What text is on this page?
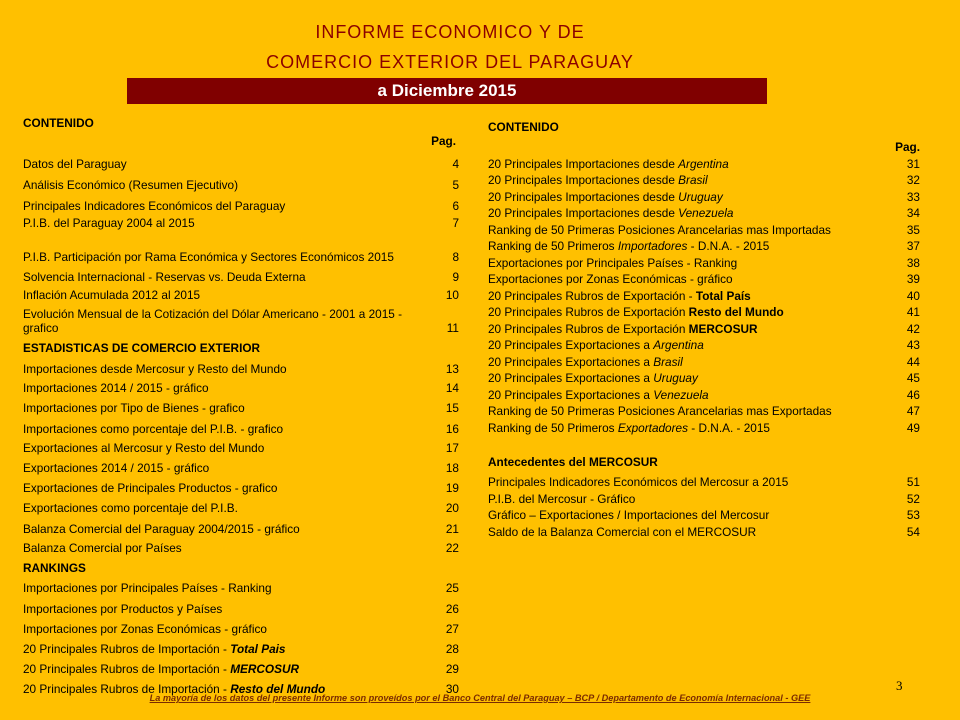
INFORME ECONOMICO Y DE
COMERCIO EXTERIOR DEL PARAGUAY
a Diciembre 2015
CONTENIDO
Pag.
Datos del Paraguay	4
Análisis Económico (Resumen Ejecutivo)	5
Principales Indicadores Económicos del Paraguay	6
P.I.B. del Paraguay 2004 al 2015	7
P.I.B. Participación por Rama Económica y Sectores Económicos 2015	8
Solvencia Internacional - Reservas vs. Deuda Externa	9
Inflación Acumulada 2012 al 2015	10
Evolución Mensual de la Cotización del Dólar Americano - 2001 a 2015 - grafico	11
ESTADISTICAS DE COMERCIO EXTERIOR
Importaciones desde Mercosur y Resto del Mundo	13
Importaciones 2014 / 2015 - gráfico	14
Importaciones por Tipo de Bienes - grafico	15
Importaciones como porcentaje del P.I.B. - grafico	16
Exportaciones al Mercosur y Resto del Mundo	17
Exportaciones 2014 / 2015 - gráfico	18
Exportaciones de Principales Productos - grafico	19
Exportaciones como porcentaje del P.I.B.	20
Balanza Comercial del Paraguay 2004/2015 - gráfico	21
Balanza Comercial por Países	22
RANKINGS
Importaciones por Principales Países - Ranking	25
Importaciones por Productos y Países	26
Importaciones por Zonas Económicas - gráfico	27
20 Principales Rubros de Importación - Total Pais	28
20 Principales Rubros de Importación - MERCOSUR	29
20 Principales Rubros de Importación - Resto del Mundo	30
CONTENIDO
Pag.
20 Principales Importaciones desde Argentina	31
20 Principales Importaciones desde Brasil	32
20 Principales Importaciones desde Uruguay	33
20 Principales Importaciones desde Venezuela	34
Ranking de 50 Primeras Posiciones Arancelarias mas Importadas	35
Ranking de 50 Primeros Importadores - D.N.A. - 2015	37
Exportaciones por Principales Países - Ranking	38
Exportaciones por Zonas Económicas - gráfico	39
20 Principales Rubros de Exportación - Total País	40
20 Principales Rubros de Exportación Resto del Mundo	41
20 Principales Rubros de Exportación MERCOSUR	42
20 Principales Exportaciones a Argentina	43
20 Principales Exportaciones a Brasil	44
20 Principales Exportaciones a Uruguay	45
20 Principales Exportaciones a Venezuela	46
Ranking de 50 Primeras Posiciones Arancelarias mas Exportadas	47
Ranking de 50 Primeros Exportadores - D.N.A. - 2015	49
Antecedentes del MERCOSUR
Principales Indicadores Económicos del Mercosur a 2015	51
P.I.B. del Mercosur - Gráfico	52
Gráfico – Exportaciones / Importaciones del Mercosur	53
Saldo de la Balanza Comercial con el MERCOSUR	54
La mayoría de los datos del presente Informe son proveídos por el Banco Central del Paraguay – BCP / Departamento de Economía Internacional - GEE
3
